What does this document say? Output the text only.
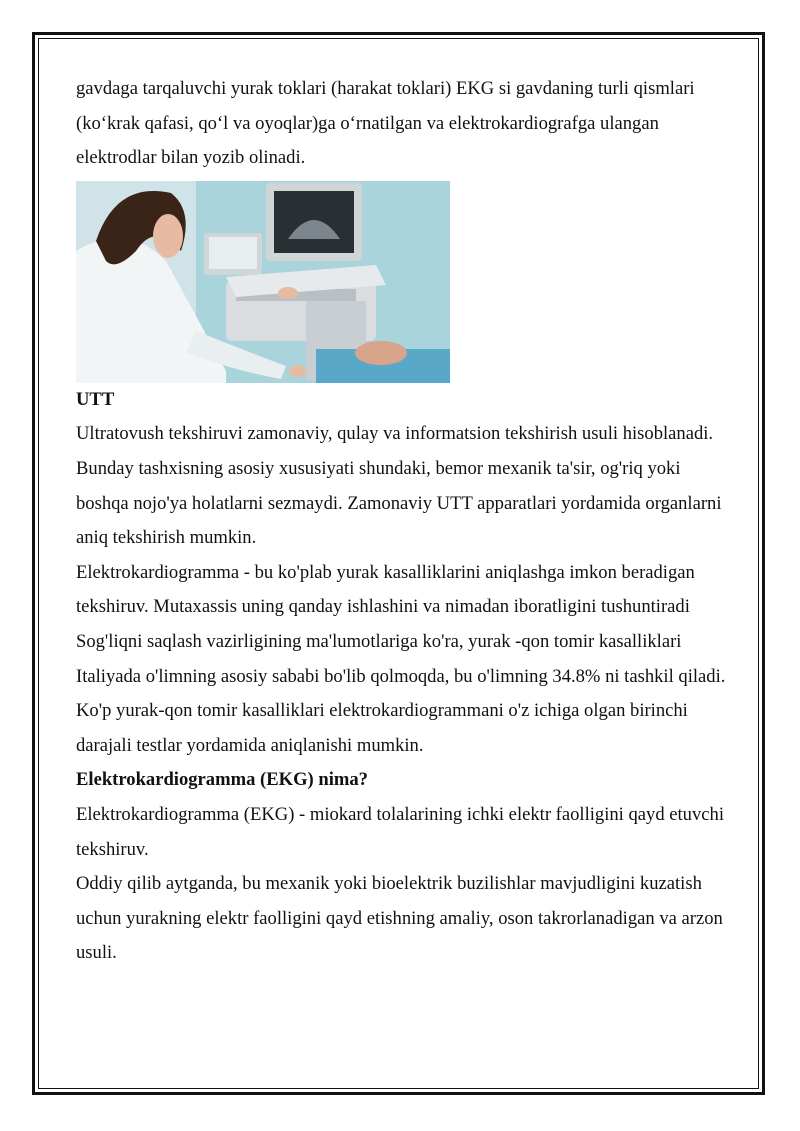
gavdaga tarqaluvchi yurak toklari (harakat toklari) EKG si gavdaning turli qismlari (ko‘krak qafasi, qo‘l va oyoqlar)ga o‘rnatilgan va elektrokardiografga ulangan elektrodlar bilan yozib olinadi.

UTT

Ultratovush tekshiruvi zamonaviy, qulay va informatsion tekshirish usuli hisoblanadi. Bunday tashxisning asosiy xususiyati shundaki, bemor mexanik ta'sir, og'riq yoki boshqa nojo'ya holatlarni sezmaydi. Zamonaviy UTT apparatlari yordamida organlarni aniq tekshirish mumkin.

Elektrokardiogramma - bu ko'plab yurak kasalliklarini aniqlashga imkon beradigan tekshiruv. Mutaxassis uning qanday ishlashini va nimadan iboratligini tushuntiradi

Sog'liqni saqlash vazirligining ma'lumotlariga ko'ra, yurak -qon tomir kasalliklari Italiyada o'limning asosiy sababi bo'lib qolmoqda, bu o'limning 34.8% ni tashkil qiladi.

Ko'p yurak-qon tomir kasalliklari elektrokardiogrammani o'z ichiga olgan birinchi darajali testlar yordamida aniqlanishi mumkin.

Elektrokardiogramma (EKG) nima?

Elektrokardiogramma (EKG) - miokard tolalarining ichki elektr faolligini qayd etuvchi tekshiruv.

Oddiy qilib aytganda, bu mexanik yoki bioelektrik buzilishlar mavjudligini kuzatish uchun yurakning elektr faolligini qayd etishning amaliy, oson takrorlanadigan va arzon usuli.
